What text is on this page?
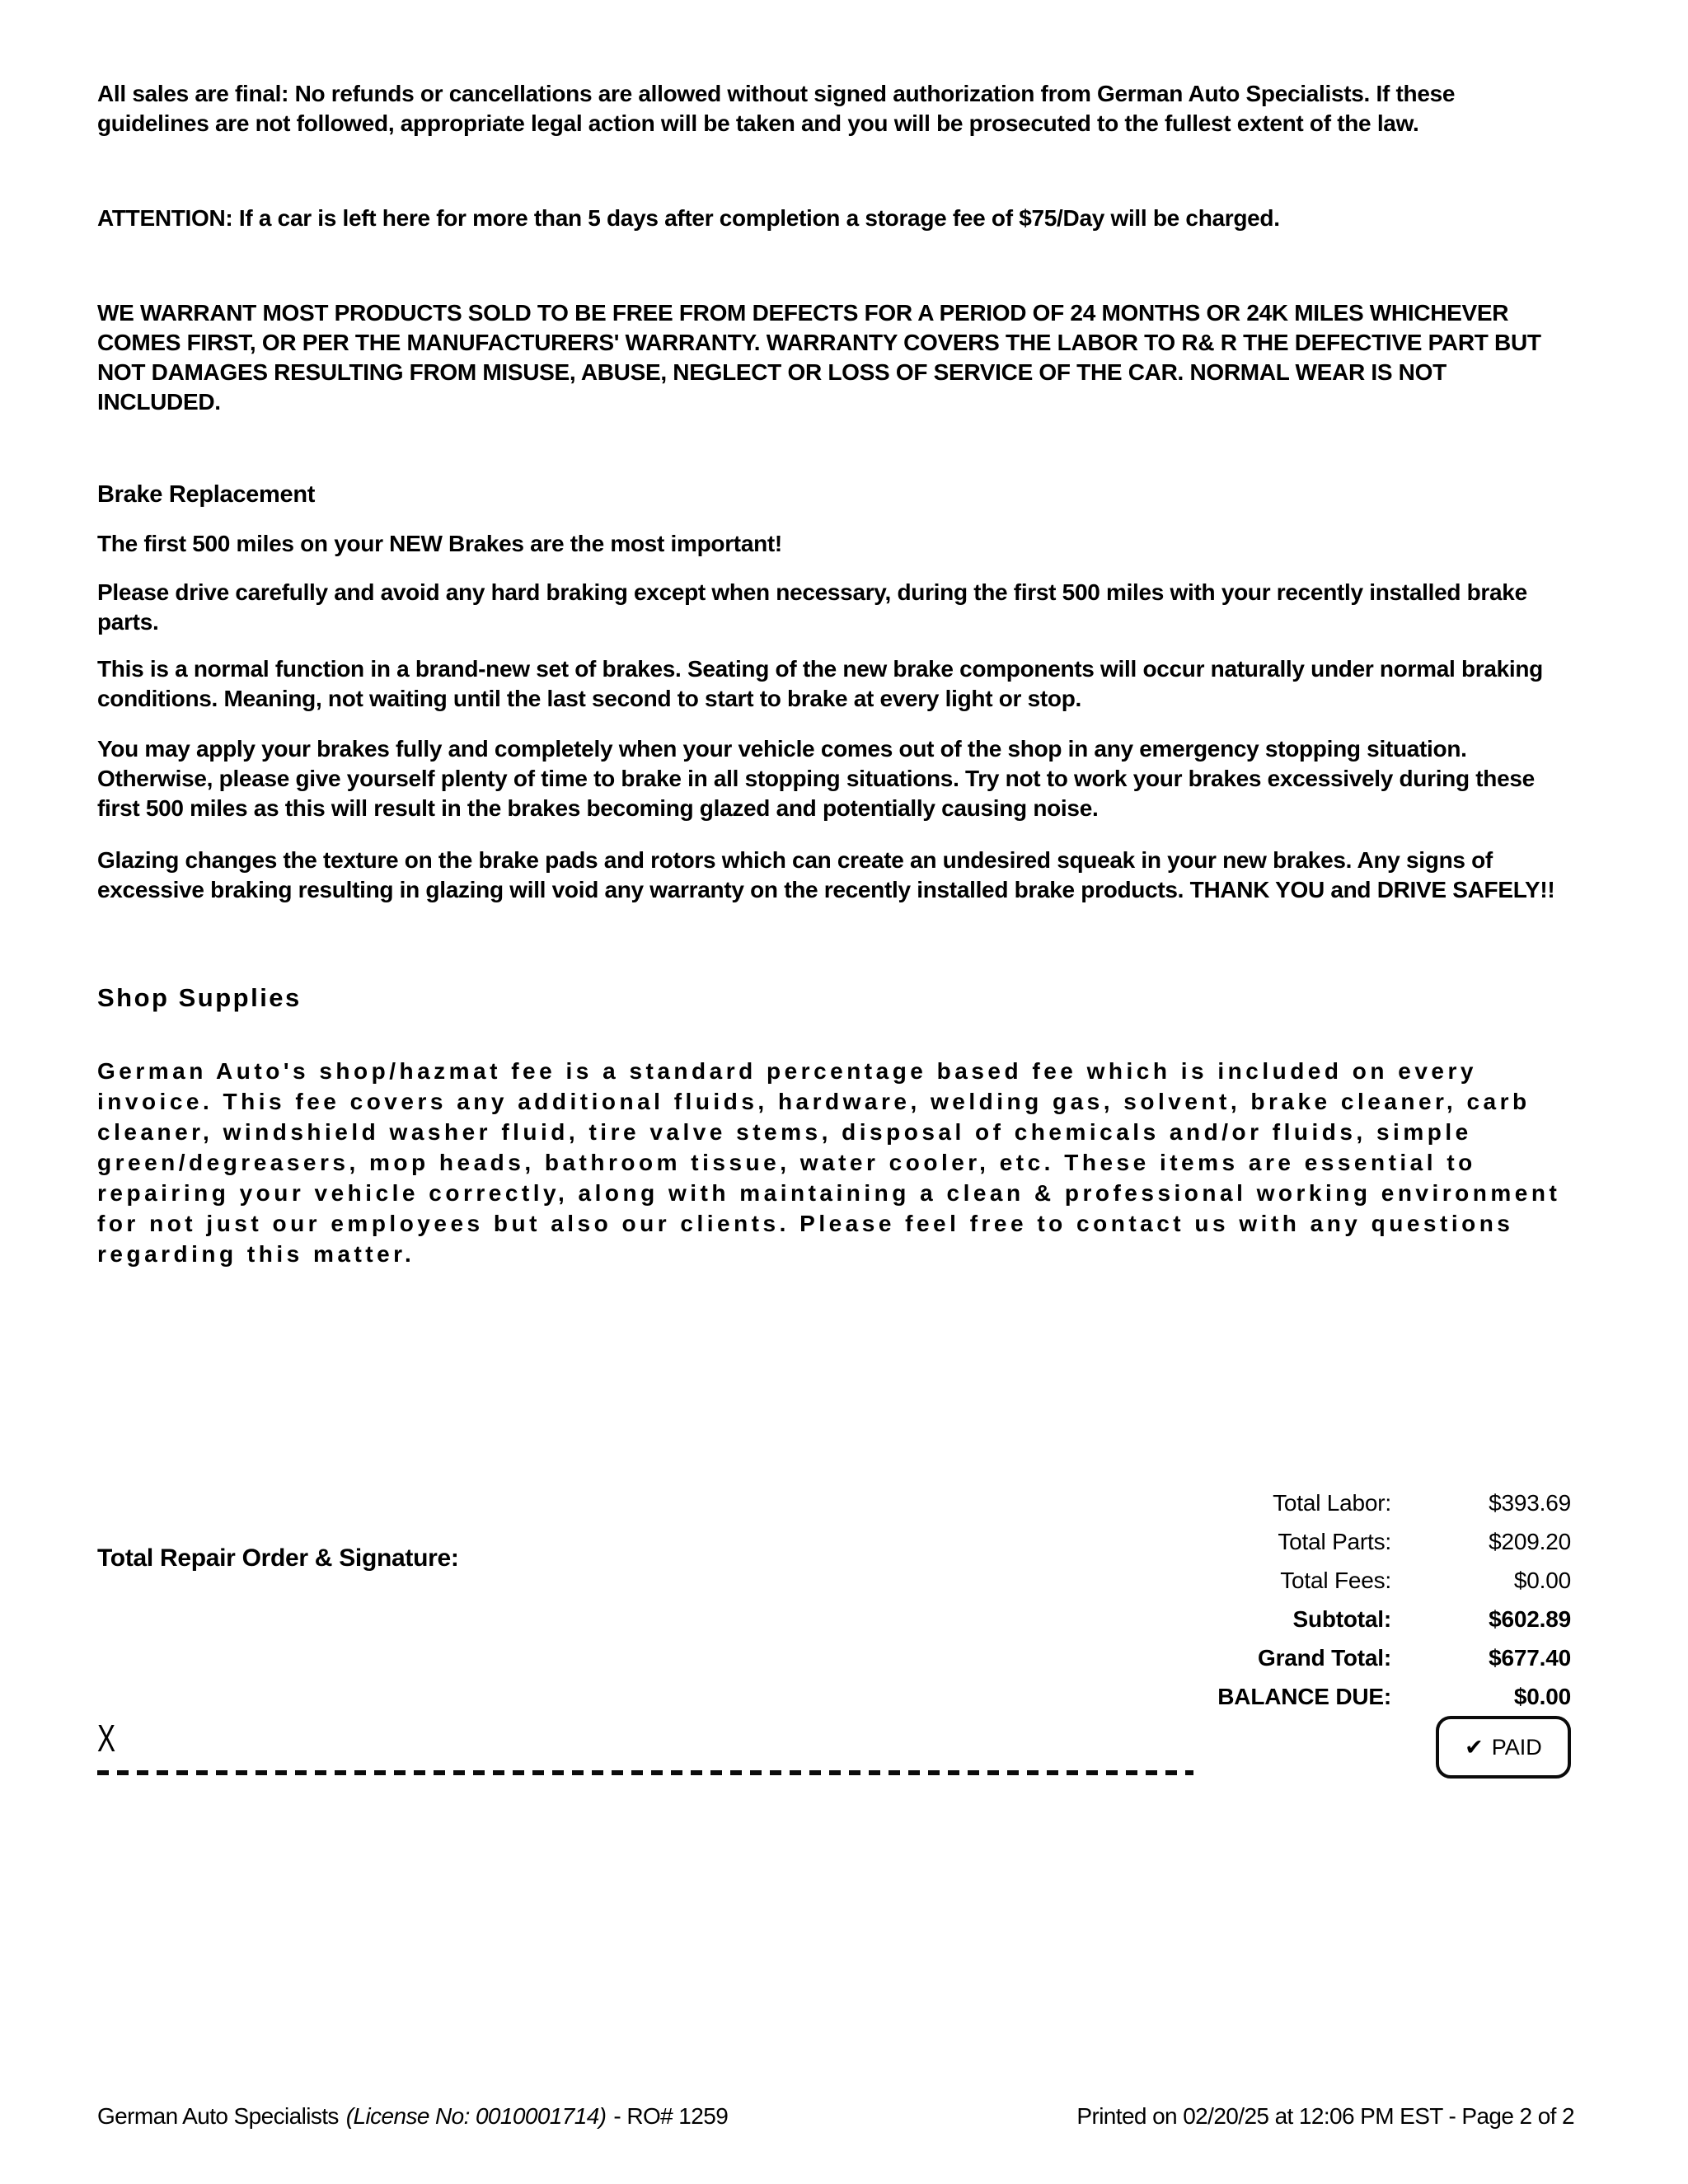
All sales are final: No refunds or cancellations are allowed without signed authorization from German Auto Specialists. If these guidelines are not followed, appropriate legal action will be taken and you will be prosecuted to the fullest extent of the law.

ATTENTION: If a car is left here for more than 5 days after completion a storage fee of $75/Day will be charged.

WE WARRANT MOST PRODUCTS SOLD TO BE FREE FROM DEFECTS FOR A PERIOD OF 24 MONTHS OR 24K MILES WHICHEVER COMES FIRST, OR PER THE MANUFACTURERS' WARRANTY. WARRANTY COVERS THE LABOR TO R& R THE DEFECTIVE PART BUT NOT DAMAGES RESULTING FROM MISUSE, ABUSE, NEGLECT OR LOSS OF SERVICE OF THE CAR. NORMAL WEAR IS NOT INCLUDED.

Brake Replacement

The first 500 miles on your NEW Brakes are the most important!

Please drive carefully and avoid any hard braking except when necessary, during the first 500 miles with your recently installed brake parts.

This is a normal function in a brand-new set of brakes. Seating of the new brake components will occur naturally under normal braking conditions. Meaning, not waiting until the last second to start to brake at every light or stop.

You may apply your brakes fully and completely when your vehicle comes out of the shop in any emergency stopping situation. Otherwise, please give yourself plenty of time to brake in all stopping situations. Try not to work your brakes excessively during these first 500 miles as this will result in the brakes becoming glazed and potentially causing noise.

Glazing changes the texture on the brake pads and rotors which can create an undesired squeak in your new brakes. Any signs of excessive braking resulting in glazing will void any warranty on the recently installed brake products. THANK YOU and DRIVE SAFELY!!

Shop Supplies

German Auto's shop/hazmat fee is a standard percentage based fee which is included on every invoice. This fee covers any additional fluids, hardware, welding gas, solvent, brake cleaner, carb cleaner, windshield washer fluid, tire valve stems, disposal of chemicals and/or fluids, simple green/degreasers, mop heads, bathroom tissue, water cooler, etc. These items are essential to repairing your vehicle correctly, along with maintaining a clean & professional working environment for not just our employees but also our clients. Please feel free to contact us with any questions regarding this matter.

Total Labor:	$393.69
Total Parts:	$209.20
Total Fees:	$0.00
Subtotal:	$602.89
Grand Total:	$677.40
BALANCE DUE:	$0.00
Total Repair Order & Signature:
X	✔ PAID
German Auto Specialists (License No: 0010001714) - RO# 1259	Printed on 02/20/25 at 12:06 PM EST - Page 2 of 2
